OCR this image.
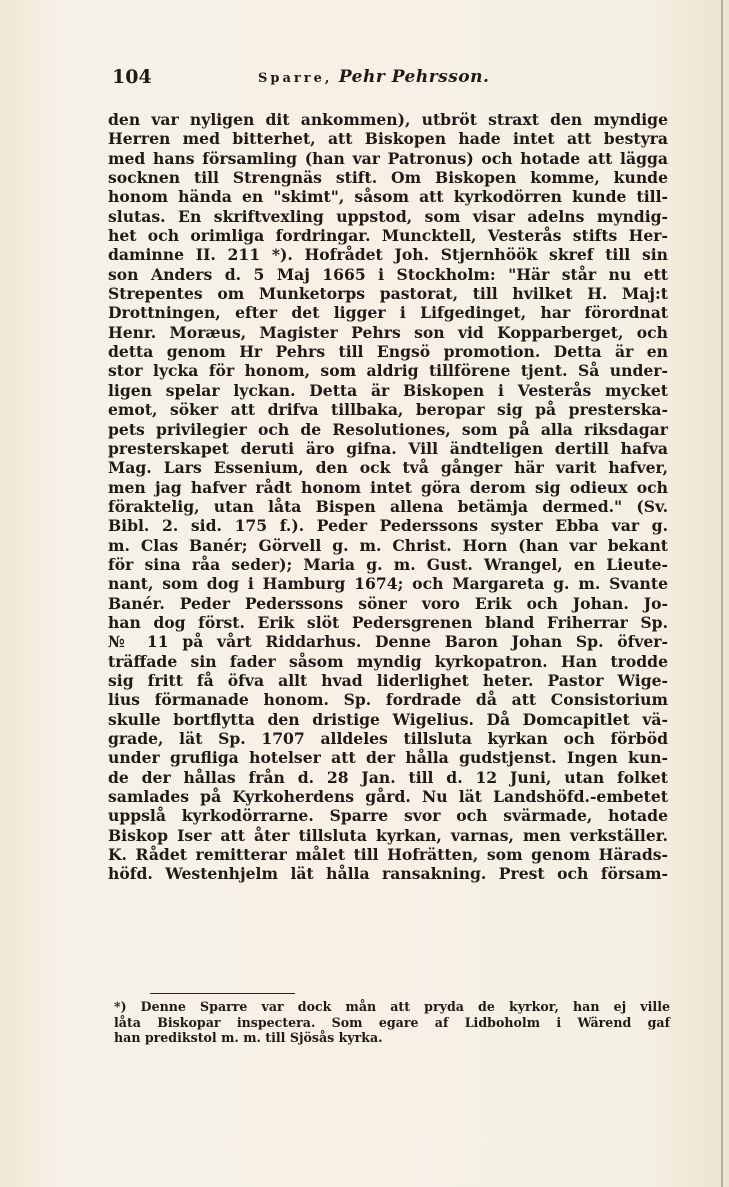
104	Sparre, Pehr Pehrsson.
den var nyligen dit ankommen), utbröt straxt den myndige
Herren med bitterhet, att Biskopen hade intet att bestyra
med hans församling (han var Patronus) och hotade att lägga
socknen till Strengnäs stift. Om Biskopen komme, kunde
honom hända en "skimt", såsom att kyrkodörren kunde till-
slutas. En skriftvexling uppstod, som visar adelns myndig-
het och orimliga fordringar. Muncktell, Vesterås stifts Her-
daminne II. 211 *). Hofrådet Joh. Stjernhöök skref till sin
son Anders d. 5 Maj 1665 i Stockholm: "Här står nu ett
Strepentes om Munketorps pastorat, till hvilket H. Maj:t
Drottningen, efter det ligger i Lifgedinget, har förordnat
Henr. Moræus, Magister Pehrs son vid Kopparberget, och
detta genom Hr Pehrs till Engsö promotion. Detta är en
stor lycka för honom, som aldrig tillförene tjent. Så under-
ligen spelar lyckan. Detta är Biskopen i Vesterås mycket
emot, söker att drifva tillbaka, beropar sig på presterska-
pets privilegier och de Resolutiones, som på alla riksdagar
presterskapet deruti äro gifna. Vill ändteligen dertill hafva
Mag. Lars Essenium, den ock två gånger här varit hafver,
men jag hafver rådt honom intet göra derom sig odieux och
föraktelig, utan låta Bispen allena betämja dermed." (Sv.
Bibl. 2. sid. 175 f.). Peder Pederssons syster Ebba var g.
m. Clas Banér; Görvell g. m. Christ. Horn (han var bekant
för sina råa seder); Maria g. m. Gust. Wrangel, en Lieute-
nant, som dog i Hamburg 1674; och Margareta g. m. Svante
Banér. Peder Pederssons söner voro Erik och Johan. Jo-
han dog först. Erik slöt Pedersgrenen bland Friherrar Sp.
№ 11 på vårt Riddarhus. Denne Baron Johan Sp. öfver-
träffade sin fader såsom myndig kyrkopatron. Han trodde
sig fritt få öfva allt hvad liderlighet heter. Pastor Wige-
lius förmanade honom. Sp. fordrade då att Consistorium
skulle bortflytta den dristige Wigelius. Då Domcapitlet vä-
grade, lät Sp. 1707 alldeles tillsluta kyrkan och förböd
under grufliga hotelser att der hålla gudstjenst. Ingen kun-
de der hållas från d. 28 Jan. till d. 12 Juni, utan folket
samlades på Kyrkoherdens gård. Nu lät Landshöfd.-embetet
uppslå kyrkodörrarne. Sparre svor och svärmade, hotade
Biskop Iser att åter tillsluta kyrkan, varnas, men verkställer.
K. Rådet remitterar målet till Hofrätten, som genom Härads-
höfd. Westenhjelm lät hålla ransakning. Prest och försam-
*) Denne Sparre var dock mån att pryda de kyrkor, han ej ville
låta Biskopar inspectera. Som egare af Lidboholm i Wärend gaf
han predikstol m. m. till Sjösås kyrka.
